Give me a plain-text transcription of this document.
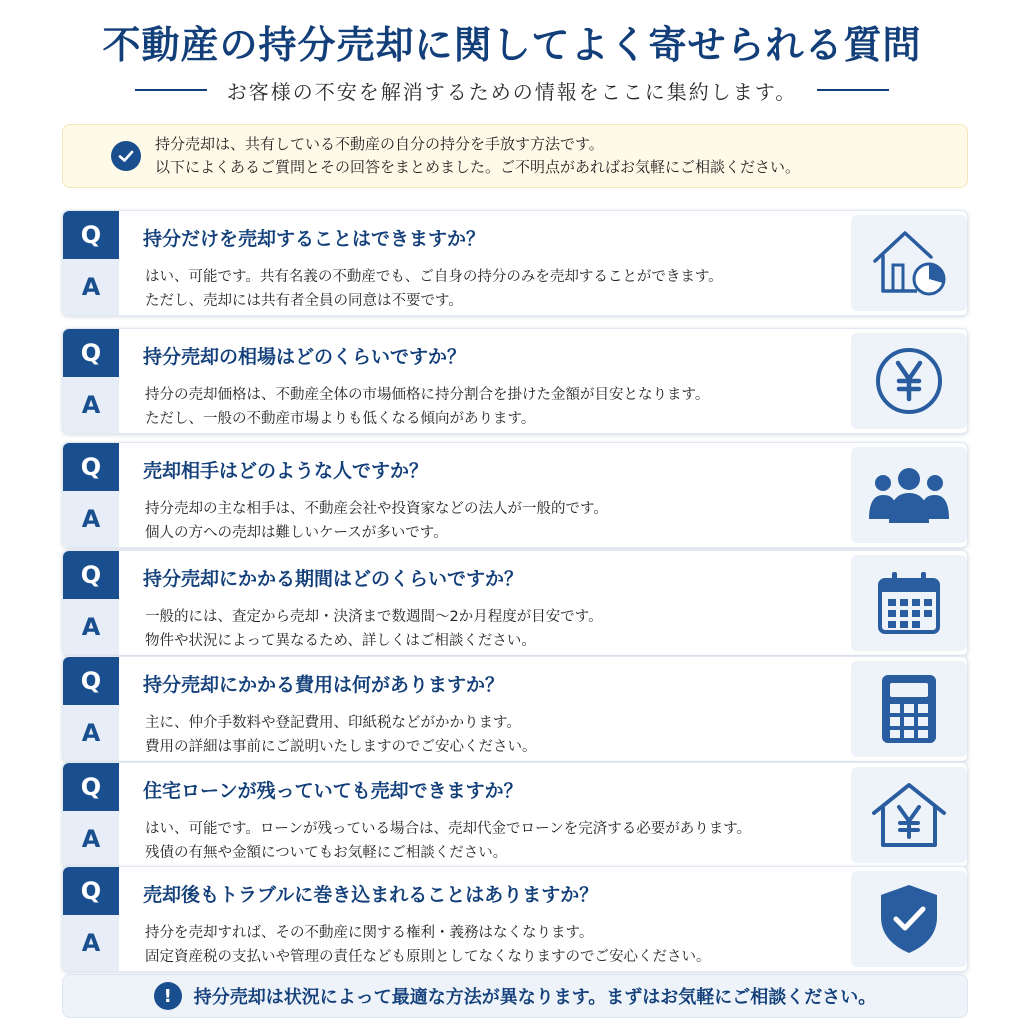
不動産の持分売却に関してよく寄せられる質問
お客様の不安を解消するための情報をここに集約します。
持分売却は、共有している不動産の自分の持分を手放す方法です。
以下によくあるご質問とその回答をまとめました。ご不明点があればお気軽にご相談ください。
Q
A
持分だけを売却することはできますか？
はい、可能です。共有名義の不動産でも、ご自身の持分のみを売却することができます。
ただし、売却には共有者全員の同意は不要です。
Q
A
持分売却の相場はどのくらいですか？
持分の売却価格は、不動産全体の市場価格に持分割合を掛けた金額が目安となります。
ただし、一般の不動産市場よりも低くなる傾向があります。
Q
A
売却相手はどのような人ですか？
持分売却の主な相手は、不動産会社や投資家などの法人が一般的です。
個人の方への売却は難しいケースが多いです。
Q
A
持分売却にかかる期間はどのくらいですか？
一般的には、査定から売却・決済まで数週間〜2か月程度が目安です。
物件や状況によって異なるため、詳しくはご相談ください。
Q
A
持分売却にかかる費用は何がありますか？
主に、仲介手数料や登記費用、印紙税などがかかります。
費用の詳細は事前にご説明いたしますのでご安心ください。
Q
A
住宅ローンが残っていても売却できますか？
はい、可能です。ローンが残っている場合は、売却代金でローンを完済する必要があります。
残債の有無や金額についてもお気軽にご相談ください。
Q
A
売却後もトラブルに巻き込まれることはありますか？
持分を売却すれば、その不動産に関する権利・義務はなくなります。
固定資産税の支払いや管理の責任なども原則としてなくなりますのでご安心ください。
!	持分売却は状況によって最適な方法が異なります。まずはお気軽にご相談ください。
